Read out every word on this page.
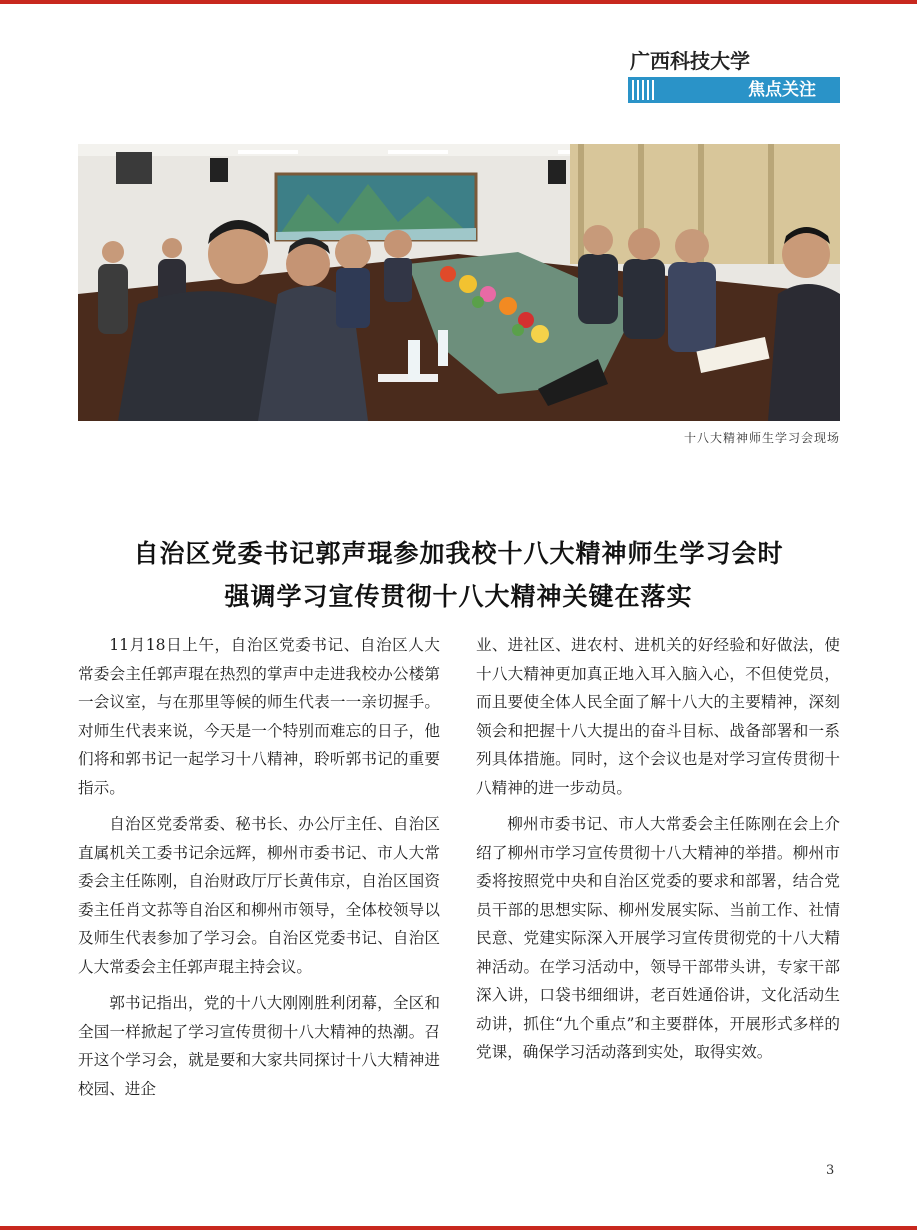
广西科技大学
焦点关注
十八大精神师生学习会现场
自治区党委书记郭声琨参加我校十八大精神师生学习会时
强调学习宣传贯彻十八大精神关键在落实

11月18日上午，自治区党委书记、自治区人大常委会主任郭声琨在热烈的掌声中走进我校办公楼第一会议室，与在那里等候的师生代表一一亲切握手。对师生代表来说，今天是一个特别而难忘的日子，他们将和郭书记一起学习十八精神，聆听郭书记的重要指示。

自治区党委常委、秘书长、办公厅主任、自治区直属机关工委书记余远辉，柳州市委书记、市人大常委会主任陈刚，自治财政厅厅长黄伟京，自治区国资委主任肖文荪等自治区和柳州市领导，全体校领导以及师生代表参加了学习会。自治区党委书记、自治区人大常委会主任郭声琨主持会议。

郭书记指出，党的十八大刚刚胜利闭幕，全区和全国一样掀起了学习宣传贯彻十八大精神的热潮。召开这个学习会，就是要和大家共同探讨十八大精神进校园、进企

业、进社区、进农村、进机关的好经验和好做法，使十八大精神更加真正地入耳入脑入心，不但使党员，而且要使全体人民全面了解十八大的主要精神，深刻领会和把握十八大提出的奋斗目标、战备部署和一系列具体措施。同时，这个会议也是对学习宣传贯彻十八精神的进一步动员。

柳州市委书记、市人大常委会主任陈刚在会上介绍了柳州市学习宣传贯彻十八大精神的举措。柳州市委将按照党中央和自治区党委的要求和部署，结合党员干部的思想实际、柳州发展实际、当前工作、社情民意、党建实际深入开展学习宣传贯彻党的十八大精神活动。在学习活动中，领导干部带头讲，专家干部深入讲，口袋书细细讲，老百姓通俗讲，文化活动生动讲，抓住“九个重点”和主要群体，开展形式多样的党课，确保学习活动落到实处，取得实效。

3
